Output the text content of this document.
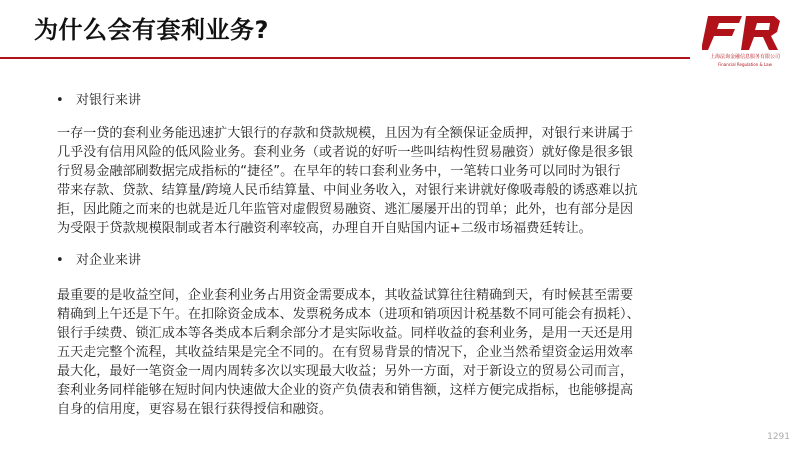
为什么会有套利业务?
上海法询金融信息服务有限公司
Financial Regulation & Law
• 对银行来讲
一存一贷的套利业务能迅速扩大银行的存款和贷款规模，且因为有全额保证金质押，对银行来讲属于
几乎没有信用风险的低风险业务。套利业务（或者说的好听一些叫结构性贸易融资）就好像是很多银
行贸易金融部刷数据完成指标的“捷径”。在早年的转口套利业务中，一笔转口业务可以同时为银行
带来存款、贷款、结算量/跨境人民币结算量、中间业务收入，对银行来讲就好像吸毒般的诱惑难以抗
拒，因此随之而来的也就是近几年监管对虚假贸易融资、逃汇屡屡开出的罚单；此外，也有部分是因
为受限于贷款规模限制或者本行融资利率较高，办理自开自贴国内证+二级市场福费廷转让。
• 对企业来讲
最重要的是收益空间，企业套利业务占用资金需要成本，其收益试算往往精确到天，有时候甚至需要
精确到上午还是下午。在扣除资金成本、发票税务成本（进项和销项因计税基数不同可能会有损耗）、
银行手续费、锁汇成本等各类成本后剩余部分才是实际收益。同样收益的套利业务，是用一天还是用
五天走完整个流程，其收益结果是完全不同的。在有贸易背景的情况下，企业当然希望资金运用效率
最大化，最好一笔资金一周内周转多次以实现最大收益；另外一方面，对于新设立的贸易公司而言，
套利业务同样能够在短时间内快速做大企业的资产负债表和销售额，这样方便完成指标，也能够提高
自身的信用度，更容易在银行获得授信和融资。
1291
